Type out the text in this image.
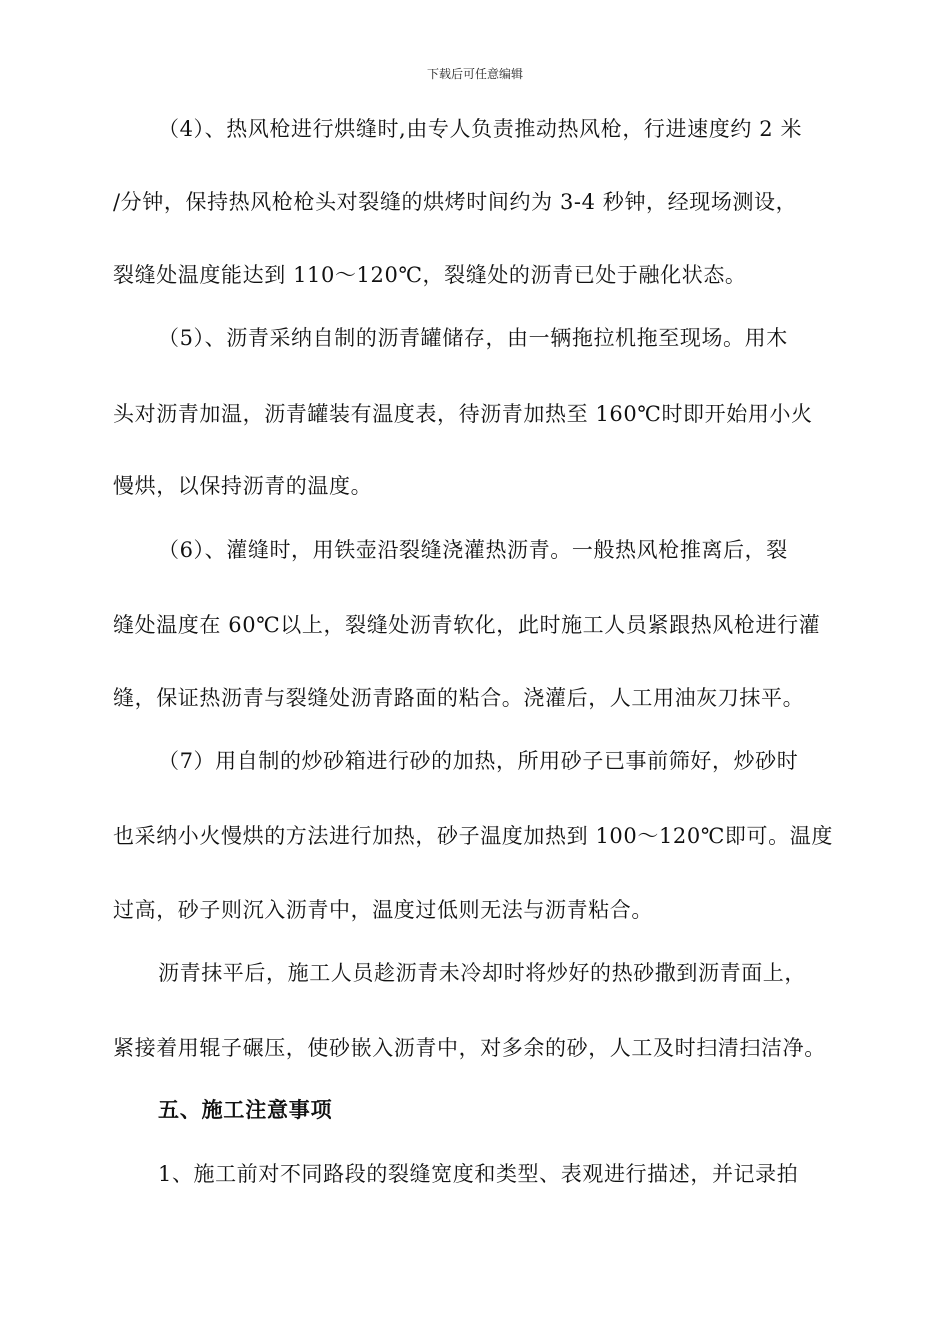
下载后可任意编辑
（4）、热风枪进行烘缝时,由专人负责推动热风枪，行进速度约 2 米
/分钟，保持热风枪枪头对裂缝的烘烤时间约为 3-4 秒钟，经现场测设，
裂缝处温度能达到 110～120℃，裂缝处的沥青已处于融化状态。
（5）、沥青采纳自制的沥青罐储存，由一辆拖拉机拖至现场。用木
头对沥青加温，沥青罐装有温度表，待沥青加热至 160℃时即开始用小火
慢烘，以保持沥青的温度。
（6）、灌缝时，用铁壶沿裂缝浇灌热沥青。一般热风枪推离后，裂
缝处温度在 60℃以上，裂缝处沥青软化，此时施工人员紧跟热风枪进行灌
缝，保证热沥青与裂缝处沥青路面的粘合。浇灌后，人工用油灰刀抹平。
（7）用自制的炒砂箱进行砂的加热，所用砂子已事前筛好，炒砂时
也采纳小火慢烘的方法进行加热，砂子温度加热到 100～120℃即可。温度
过高，砂子则沉入沥青中，温度过低则无法与沥青粘合。
沥青抹平后，施工人员趁沥青未冷却时将炒好的热砂撒到沥青面上，
紧接着用辊子碾压，使砂嵌入沥青中，对多余的砂，人工及时扫清扫洁净。
五、施工注意事项
1、施工前对不同路段的裂缝宽度和类型、表观进行描述，并记录拍
